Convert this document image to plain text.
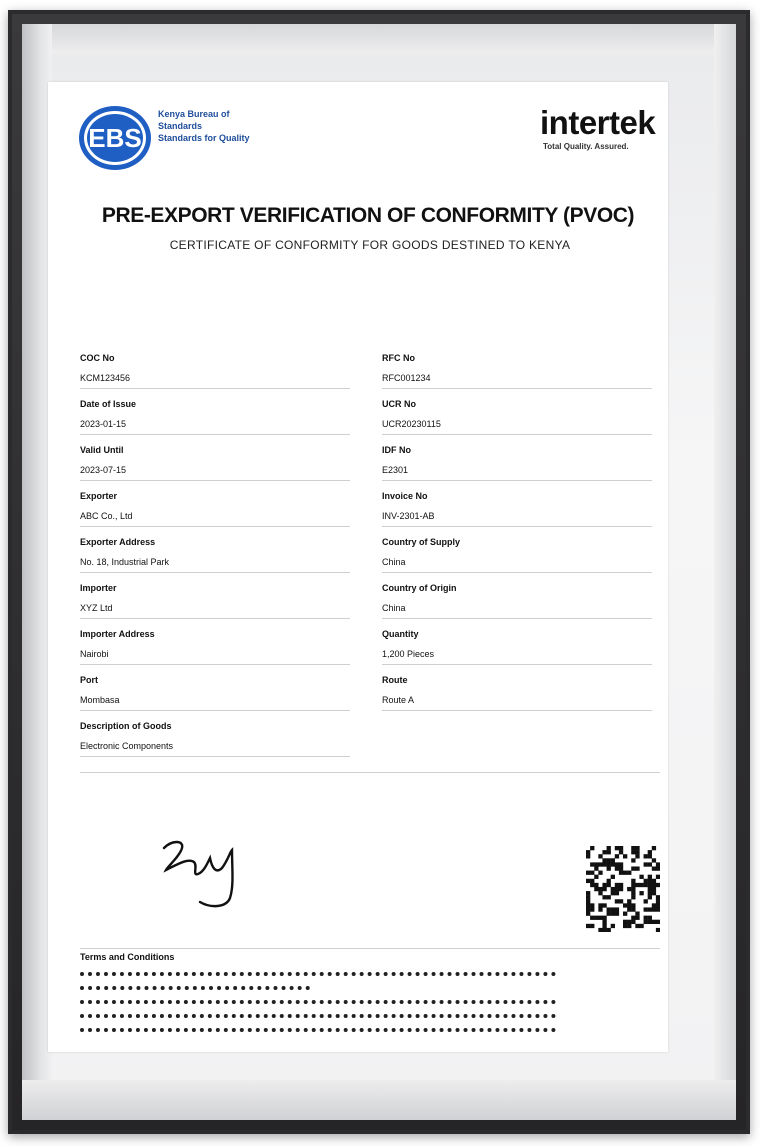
EBS
Kenya Bureau of
Standards
Standards for Quality	intertek
Total Quality. Assured.
PRE-EXPORT VERIFICATION OF CONFORMITY (PVOC)
CERTIFICATE OF CONFORMITY FOR GOODS DESTINED TO KENYA
COC No
KCM123456
Date of Issue
2023-01-15
Valid Until
2023-07-15
Exporter
ABC Co., Ltd
Exporter Address
No. 18, Industrial Park
Importer
XYZ Ltd
Importer Address
Nairobi
Port
Mombasa
Description of Goods
Electronic Components
RFC No
RFC001234
UCR No
UCR20230115
IDF No
E2301
Invoice No
INV-2301-AB
Country of Supply
China
Country of Origin
China
Quantity
1,200 Pieces
Route
Route A
Terms and Conditions
